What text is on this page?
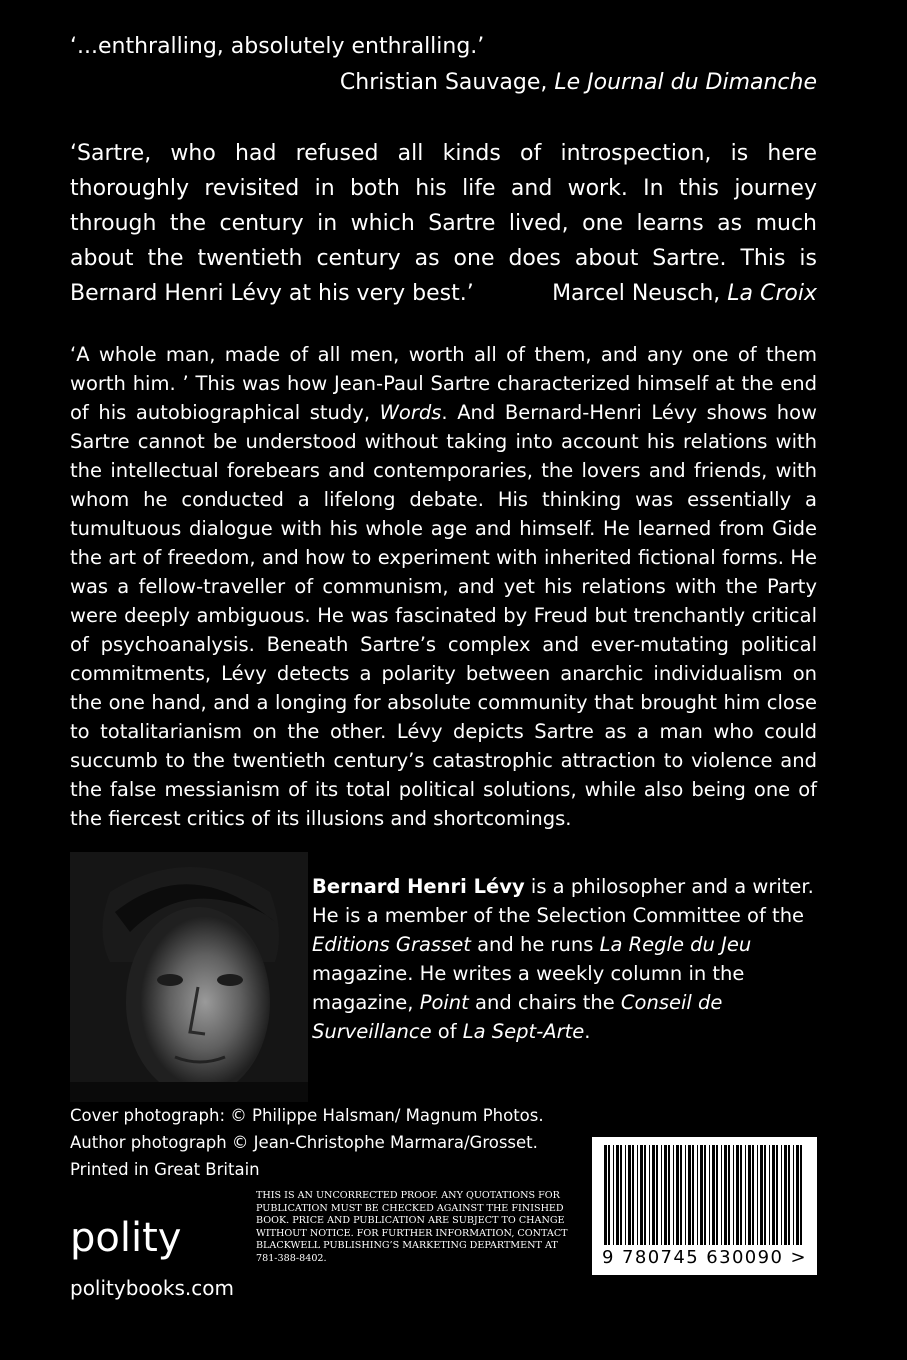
‘...enthralling, absolutely enthralling.’
Christian Sauvage, Le Journal du Dimanche

‘Sartre, who had refused all kinds of introspection, is here thoroughly revisited in both his life and work. In this journey through the century in which Sartre lived, one learns as much about the twentieth century as one does about Sartre. This is Bernard Henri Lévy at his very best.’	Marcel Neusch, La Croix

‘A whole man, made of all men, worth all of them, and any one of them worth him. ’ This was how Jean-Paul Sartre characterized himself at the end of his autobiographical study, Words. And Bernard-Henri Lévy shows how Sartre cannot be understood without taking into account his relations with the intellectual forebears and contemporaries, the lovers and friends, with whom he conducted a lifelong debate. His thinking was essentially a tumultuous dialogue with his whole age and himself. He learned from Gide the art of freedom, and how to experiment with inherited fictional forms. He was a fellow-traveller of communism, and yet his relations with the Party were deeply ambiguous. He was fascinated by Freud but trenchantly critical of psychoanalysis. Beneath Sartre’s complex and ever-mutating political commitments, Lévy detects a polarity between anarchic individualism on the one hand, and a longing for absolute community that brought him close to totalitarianism on the other. Lévy depicts Sartre as a man who could succumb to the twentieth century’s catastrophic attraction to violence and the false messianism of its total political solutions, while also being one of the fiercest critics of its illusions and shortcomings.

Bernard Henri Lévy is a philosopher and a writer. He is a member of the Selection Committee of the Editions Grasset and he runs La Regle du Jeu magazine. He writes a weekly column in the magazine, Point and chairs the Conseil de Surveillance of La Sept-Arte.

Cover photograph: © Philippe Halsman/ Magnum Photos.
Author photograph © Jean-Christophe Marmara/Grosset.
Printed in Great Britain

THIS IS AN UNCORRECTED PROOF. ANY QUOTATIONS FOR PUBLICATION MUST BE CHECKED AGAINST THE FINISHED BOOK. PRICE AND PUBLICATION ARE SUBJECT TO CHANGE WITHOUT NOTICE. FOR FURTHER INFORMATION, CONTACT BLACKWELL PUBLISHING’S MARKETING DEPARTMENT AT 781-388-8402.

polity
politybooks.com
9 780745 630090 >
